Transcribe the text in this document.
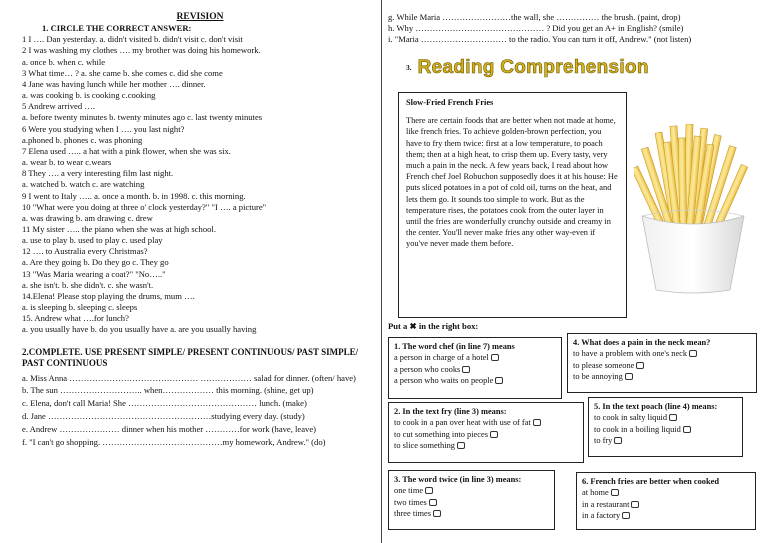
REVISION
1. CIRCLE THE CORRECT ANSWER:
1 I …. Dan yesterday. a. didn't visited b. didn't visit c. don't visit
2 I was washing my clothes …. my brother was doing his homework.
a. once b. when c. while
3 What time… ? a. she came b. she comes c. did she come
4 Jane was having lunch while her mother …. dinner.
a. was cooking b. is cooking c.cooking
5 Andrew arrived ….
a. before twenty minutes b. twenty minutes ago c. last twenty minutes
6 Were you studying when I …. you last night?
a.phoned b. phones c. was phoning
7 Elena used ….. a hat with a pink flower, when she was six.
a. wear b. to wear c.wears
8 They …. a very interesting film last night.
a. watched b. watch c. are watching
9 I went to Italy ….. a. once a month. b. in 1998. c. this morning.
10 "What were you doing at three o' clock yesterday?" "I …. a picture"
a. was drawing b. am drawing c. drew
11 My sister ….. the piano when she was at high school.
a. use to play b. used to play c. used play
12 …. to Australia every Christmas?
a. Are they going b. Do they go c. They go
13 "Was Maria wearing a coat?" "No….."
a. she isn't. b. she didn't. c. she wasn't.
14.Elena! Please stop playing the drums, mum ….
a. is sleeping b. sleeping c. sleeps
15. Andrew what ….for lunch?
a. you usually have b. do you usually have a. are you usually having
2.COMPLETE. USE PRESENT SIMPLE/ PRESENT CONTINUOUS/ PAST SIMPLE/ PAST CONTINUOUS
a. Miss Anna ……………………………………… ……………… salad for dinner. (often/ have)
b. The sun ……………………….. when……………… this morning. (shine, get up)
c. Elena, don't call Maria! She ……………………………………… lunch. (make)
d. Jane …………………………………………………studying every day. (study)
e. Andrew ………………… dinner when his mother …………for work (have, leave)
f. "I can't go shopping. ……………………………………my homework, Andrew." (do)
g. While Maria ……………………the wall, she …………… the brush. (paint, drop)
h. Why ……………………………………… ? Did you get an A+ in English? (smile)
i. "Maria ………………………… to the radio. You can turn it off, Andrew." (not listen)
3. Reading Comprehension
Slow-Fried French Fries
There are certain foods that are better when not made at home, like french fries. To achieve golden-brown perfection, you have to fry them twice: first at a low temperature, to poach them; then at a high heat, to crisp them up. Every tasty, very much a pain in the neck. A few years back, I read about how French chef Joel Robuchon supposedly does it at his house: He puts sliced potatoes in a pot of cold oil, turns on the heat, and lets them go. It sounds too simple to work. But as the temperature rises, the potatoes cook from the outer layer in until the fries are wonderfully crunchy outside and creamy in the center. You'll never make fries any other way-even if you've never made them before.
Put a ✖ in the right box:
1. The word chef (in line 7) means
a person in charge of a hotel
a person who cooks
a person who waits on people
4. What does a pain in the neck mean?
to have a problem with one's neck
to please someone
to be annoying
2. In the text fry (line 3) means:
to cook in a pan over heat with use of fat
to cut something into pieces
to slice something
5. In the text poach (line 4) means:
to cook in salty liquid
to cook in a boiling liquid
to fry
3. The word twice (in line 3) means:
one time
two times
three times
6. French fries are better when cooked
at home
in a restaurant
in a factory
